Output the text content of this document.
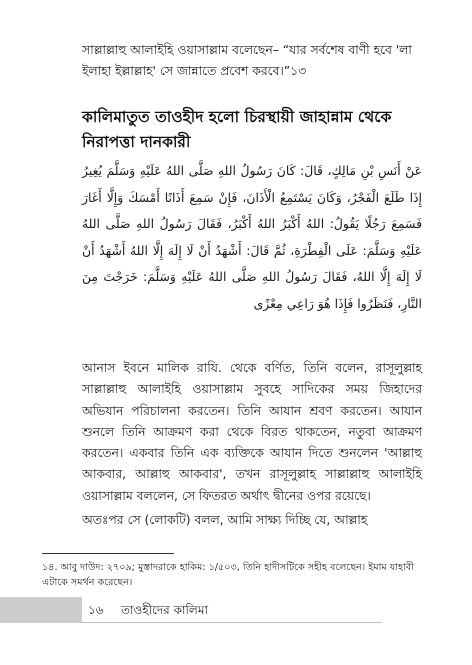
সাল্লাল্লাহু আলাইহি ওয়াসাল্লাম বলেছেন– “যার সর্বশেষ বাণী হবে 'লা ইলাহা ইল্লাল্লাহ' সে জান্নাতে প্রবেশ করবে।”১৩

কালিমাতুত তাওহীদ হলো চিরস্থায়ী জাহান্নাম থেকে নিরাপত্তা দানকারী

عَنْ أَنَسِ بْنِ مَالِكٍ، قَالَ: كَانَ رَسُولُ اللهِ صَلَّى اللهُ عَلَيْهِ وَسَلَّمَ يُغِيرُ إِذَا طَلَعَ الْفَجْرُ، وَكَانَ يَسْتَمِعُ الْأَذَانَ، فَإِنْ سَمِعَ أَذَانًا أَمْسَكَ وَإِلَّا أَغَارَ فَسَمِعَ رَجُلًا يَقُولُ: اللهُ أَكْبَرُ اللهُ أَكْبَرُ، فَقَالَ رَسُولُ اللهِ صَلَّى اللهُ عَلَيْهِ وَسَلَّمَ: عَلَى الْفِطْرَةِ، ثُمَّ قَالَ: أَشْهَدُ أَنْ لَا إِلَهَ إِلَّا اللهُ أَشْهَدُ أَنْ لَا إِلَهَ إِلَّا اللهُ، فَقَالَ رَسُولُ اللهِ صَلَّى اللهُ عَلَيْهِ وَسَلَّمَ: خَرَجْتَ مِنَ النَّارِ، فَنَظَرُوا فَإِذَا هُوَ رَاعِي مِعْزًى

আনাস ইবনে মালিক রাযি. থেকে বর্ণিত, তিনি বলেন, রাসূলুল্লাহ সাল্লাল্লাহু আলাইহি ওয়াসাল্লাম সুবহে সাদিকের সময় জিহাদের অভিযান পরিচালনা করতেন। তিনি আযান শ্রবণ করতেন। আযান শুনলে তিনি আক্রমণ করা থেকে বিরত থাকতেন, নতুবা আক্রমণ করতেন। একবার তিনি এক ব্যক্তিকে আযান দিতে শুনলেন 'আল্লাহু আকবার, আল্লাহু আকবার', তখন রাসূলুল্লাহ সাল্লাল্লাহু আলাইহি ওয়াসাল্লাম বললেন, সে ফিতরত অর্থাৎ দ্বীনের ওপর রয়েছে।

অতঃপর সে (লোকটি) বলল, আমি সাক্ষ্য দিচ্ছি যে, আল্লাহ

১৪. আবু দাউদ: ২৭০৯; মুস্তাদরাকে হাকিম: ১/৫০৩, তিনি হাদীসটিকে সহীহ বলেছেন। ইমাম যাহাবী এটাকে সমর্থন করেছেন।

১৬ তাওহীদের কালিমা
